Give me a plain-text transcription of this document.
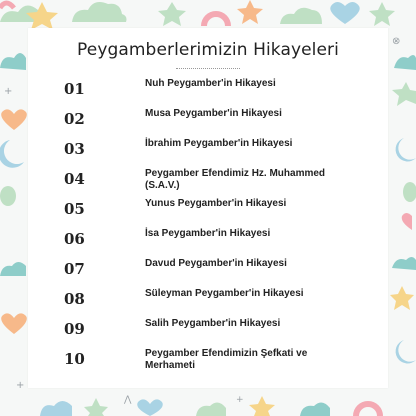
+
+
⊗
⋀	+
Peygamberlerimizin Hikayeleri
01	Nuh Peygamber'in Hikayesi
02	Musa Peygamber'in Hikayesi
03	İbrahim Peygamber'in Hikayesi
04	Peygamber Efendimiz Hz. Muhammed (S.A.V.)
05	Yunus Peygamber'in Hikayesi
06	İsa Peygamber'in Hikayesi
07	Davud Peygamber'in Hikayesi
08	Süleyman Peygamber'in Hikayesi
09	Salih Peygamber'in Hikayesi
10	Peygamber Efendimizin Şefkati ve Merhameti
